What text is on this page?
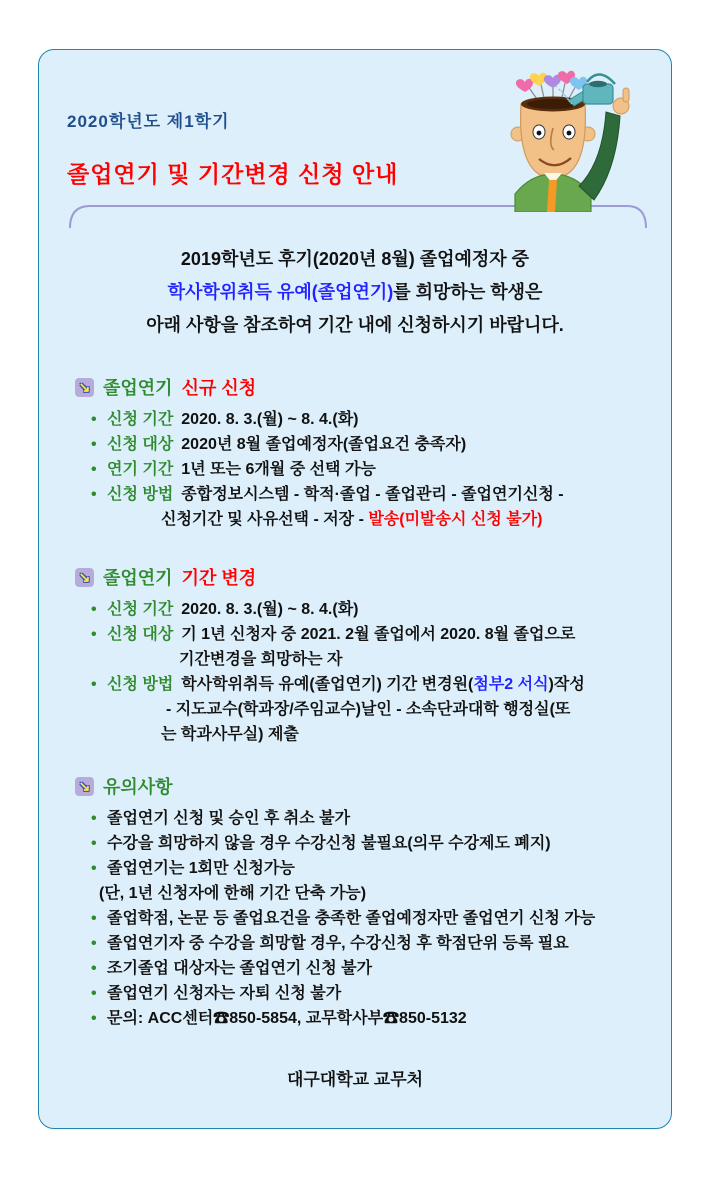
2020학년도 제1학기
졸업연기 및 기간변경 신청 안내
2019학년도 후기(2020년 8월) 졸업예정자 중
학사학위취득 유예(졸업연기)를 희망하는 학생은
아래 사항을 참조하여 기간 내에 신청하시기 바랍니다.
↘ 졸업연기 신규 신청
• 신청 기간 2020. 8. 3.(월) ~ 8. 4.(화)
• 신청 대상 2020년 8월 졸업예정자(졸업요건 충족자)
• 연기 기간 1년 또는 6개월 중 선택 가능
• 신청 방법 종합정보시스템 - 학적·졸업 - 졸업관리 - 졸업연기신청 -
신청기간 및 사유선택 - 저장 - 발송(미발송시 신청 불가)
↘ 졸업연기 기간 변경
• 신청 기간 2020. 8. 3.(월) ~ 8. 4.(화)
• 신청 대상 기 1년 신청자 중 2021. 2월 졸업에서 2020. 8월 졸업으로
기간변경을 희망하는 자
• 신청 방법 학사학위취득 유예(졸업연기) 기간 변경원(첨부2 서식)작성
- 지도교수(학과장/주임교수)날인 - 소속단과대학 행정실(또
는 학과사무실) 제출
↘ 유의사항
• 졸업연기 신청 및 승인 후 취소 불가
• 수강을 희망하지 않을 경우 수강신청 불필요(의무 수강제도 폐지)
• 졸업연기는 1회만 신청가능
(단, 1년 신청자에 한해 기간 단축 가능)
• 졸업학점, 논문 등 졸업요건을 충족한 졸업예정자만 졸업연기 신청 가능
• 졸업연기자 중 수강을 희망할 경우, 수강신청 후 학점단위 등록 필요
• 조기졸업 대상자는 졸업연기 신청 불가
• 졸업연기 신청자는 자퇴 신청 불가
• 문의: ACC센터☎850-5854, 교무학사부☎850-5132
대구대학교 교무처
